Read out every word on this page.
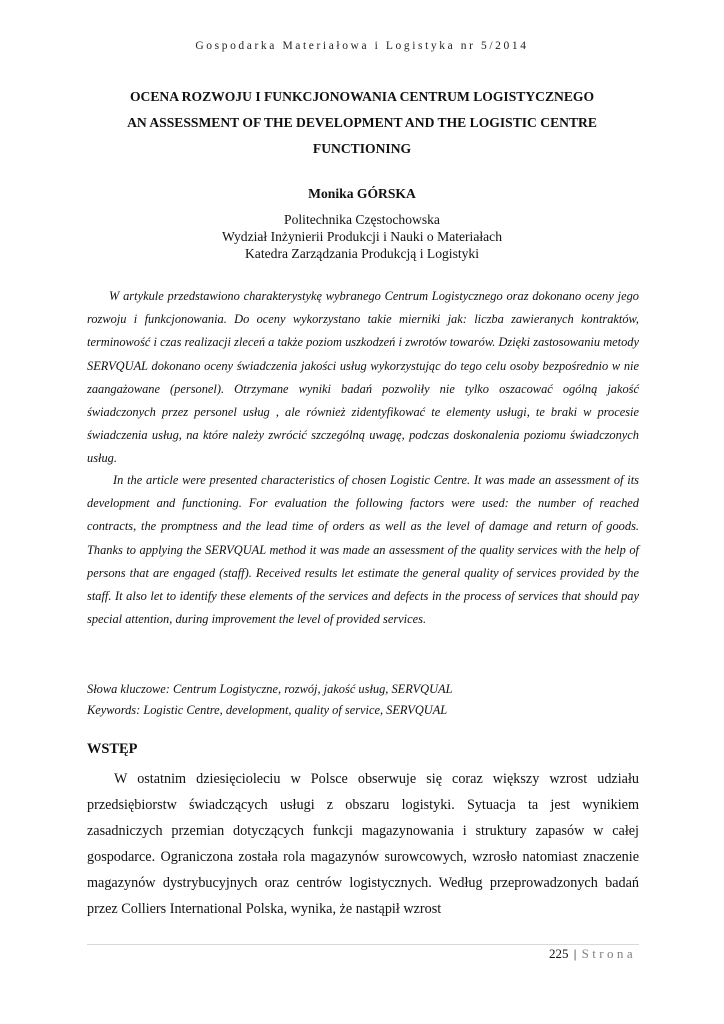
Gospodarka Materiałowa i Logistyka nr 5/2014
OCENA ROZWOJU I FUNKCJONOWANIA CENTRUM LOGISTYCZNEGO
AN ASSESSMENT OF THE DEVELOPMENT AND THE LOGISTIC CENTRE FUNCTIONING
Monika GÓRSKA
Politechnika Częstochowska
Wydział Inżynierii Produkcji i Nauki o Materiałach
Katedra Zarządzania Produkcją i Logistyki

W artykule przedstawiono charakterystykę wybranego Centrum Logistycznego oraz dokonano oceny jego rozwoju i funkcjonowania. Do oceny wykorzystano takie mierniki jak: liczba zawieranych kontraktów, terminowość i czas realizacji zleceń a także poziom uszkodzeń i zwrotów towarów. Dzięki zastosowaniu metody SERVQUAL dokonano oceny świadczenia jakości usług wykorzystując do tego celu osoby bezpośrednio w nie zaangażowane (personel). Otrzymane wyniki badań pozwoliły nie tylko oszacować ogólną jakość świadczonych przez personel usług , ale również zidentyfikować te elementy usługi, te braki w procesie świadczenia usług, na które należy zwrócić szczególną uwagę, podczas doskonalenia poziomu świadczonych usług.

In the article were presented characteristics of chosen Logistic Centre. It was made an assessment of its development and functioning. For evaluation the following factors were used: the number of reached contracts, the promptness and the lead time of orders as well as the level of damage and return of goods. Thanks to applying the SERVQUAL method it was made an assessment of the quality services with the help of persons that are engaged (staff). Received results let estimate the general quality of services provided by the staff. It also let to identify these elements of the services and defects in the process of services that should pay special attention, during improvement the level of provided services.

Słowa kluczowe: Centrum Logistyczne, rozwój, jakość usług, SERVQUAL
Keywords: Logistic Centre, development, quality of service, SERVQUAL
WSTĘP

W ostatnim dziesięcioleciu w Polsce obserwuje się coraz większy wzrost udziału przedsiębiorstw świadczących usługi z obszaru logistyki. Sytuacja ta jest wynikiem zasadniczych przemian dotyczących funkcji magazynowania i struktury zapasów w całej gospodarce. Ograniczona została rola magazynów surowcowych, wzrosło natomiast znaczenie magazynów dystrybucyjnych oraz centrów logistycznych. Według przeprowadzonych badań przez Colliers International Polska, wynika, że nastąpił wzrost

225 | Strona
